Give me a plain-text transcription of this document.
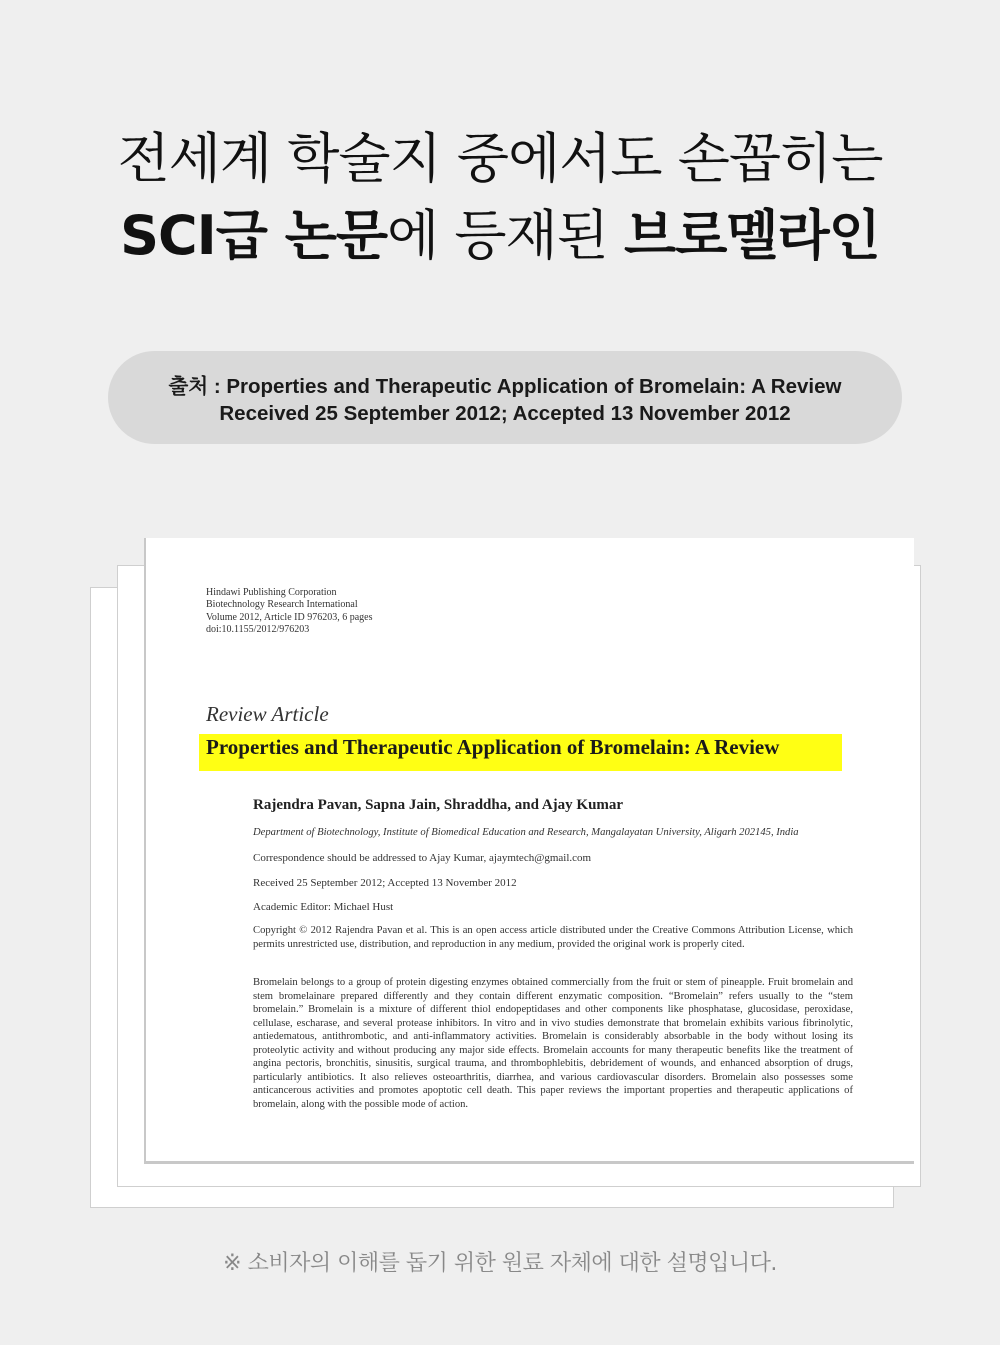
전세계 학술지 중에서도 손꼽히는
SCI급 논문에 등재된 브로멜라인
출처 : Properties and Therapeutic Application of Bromelain: A Review
Received 25 September 2012; Accepted 13 November 2012
Hindawi Publishing Corporation
Biotechnology Research International
Volume 2012, Article ID 976203, 6 pages
doi:10.1155/2012/976203
Review Article
Properties and Therapeutic Application of Bromelain: A Review
Rajendra Pavan, Sapna Jain, Shraddha, and Ajay Kumar
Department of Biotechnology, Institute of Biomedical Education and Research, Mangalayatan University, Aligarh 202145, India
Correspondence should be addressed to Ajay Kumar, ajaymtech@gmail.com
Received 25 September 2012; Accepted 13 November 2012
Academic Editor: Michael Hust
Copyright © 2012 Rajendra Pavan et al. This is an open access article distributed under the Creative Commons Attribution License, which permits unrestricted use, distribution, and reproduction in any medium, provided the original work is properly cited.
Bromelain belongs to a group of protein digesting enzymes obtained commercially from the fruit or stem of pineapple. Fruit bromelain and stem bromelainare prepared differently and they contain different enzymatic composition. “Bromelain” refers usually to the “stem bromelain.” Bromelain is a mixture of different thiol endopeptidases and other components like phosphatase, glucosidase, peroxidase, cellulase, escharase, and several protease inhibitors. In vitro and in vivo studies demonstrate that bromelain exhibits various fibrinolytic, antiedematous, antithrombotic, and anti-inflammatory activities. Bromelain is considerably absorbable in the body without losing its proteolytic activity and without producing any major side effects. Bromelain accounts for many therapeutic benefits like the treatment of angina pectoris, bronchitis, sinusitis, surgical trauma, and thrombophlebitis, debridement of wounds, and enhanced absorption of drugs, particularly antibiotics. It also relieves osteoarthritis, diarrhea, and various cardiovascular disorders. Bromelain also possesses some anticancerous activities and promotes apoptotic cell death. This paper reviews the important properties and therapeutic applications of bromelain, along with the possible mode of action.
※ 소비자의 이해를 돕기 위한 원료 자체에 대한 설명입니다.
